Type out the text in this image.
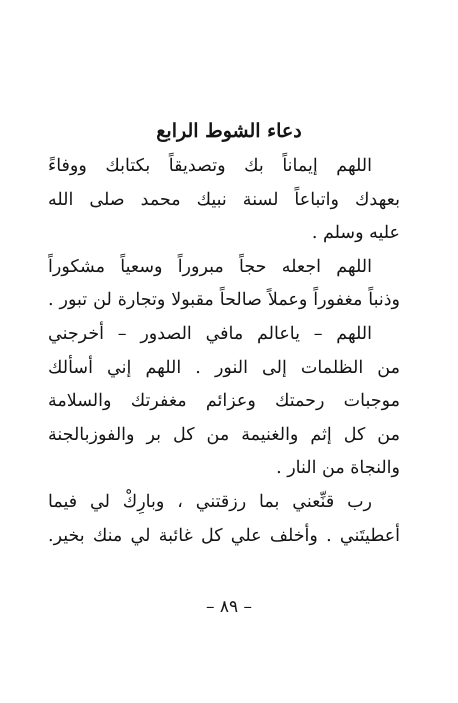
دعاء الشوط الرابع
اللهم إيماناً بك وتصديقاً بكتابك ووفاءً
بعهدك واتباعاً لسنة نبيك محمد صلى الله
عليه وسلم .
اللهم اجعله حجاً مبروراً وسعياً مشكوراً
وذنباً مغفوراً وعملاً صالحاً مقبولا وتجارة لن تبور .
اللهم – ياعالم مافي الصدور – أخرجني
من الظلمات إلى النور . اللهم إني أسألك
موجبات رحمتك وعزائم مغفرتك والسلامة
من كل إثم والغنيمة من كل بر والفوزبالجنة
والنجاة من النار .
رب قنِّعني بما رزقتني ، وبارِكْ لي فيما
أعطيتَني . وأخلف علي كل غائبة لي منك بخير.
– ٨٩ –
